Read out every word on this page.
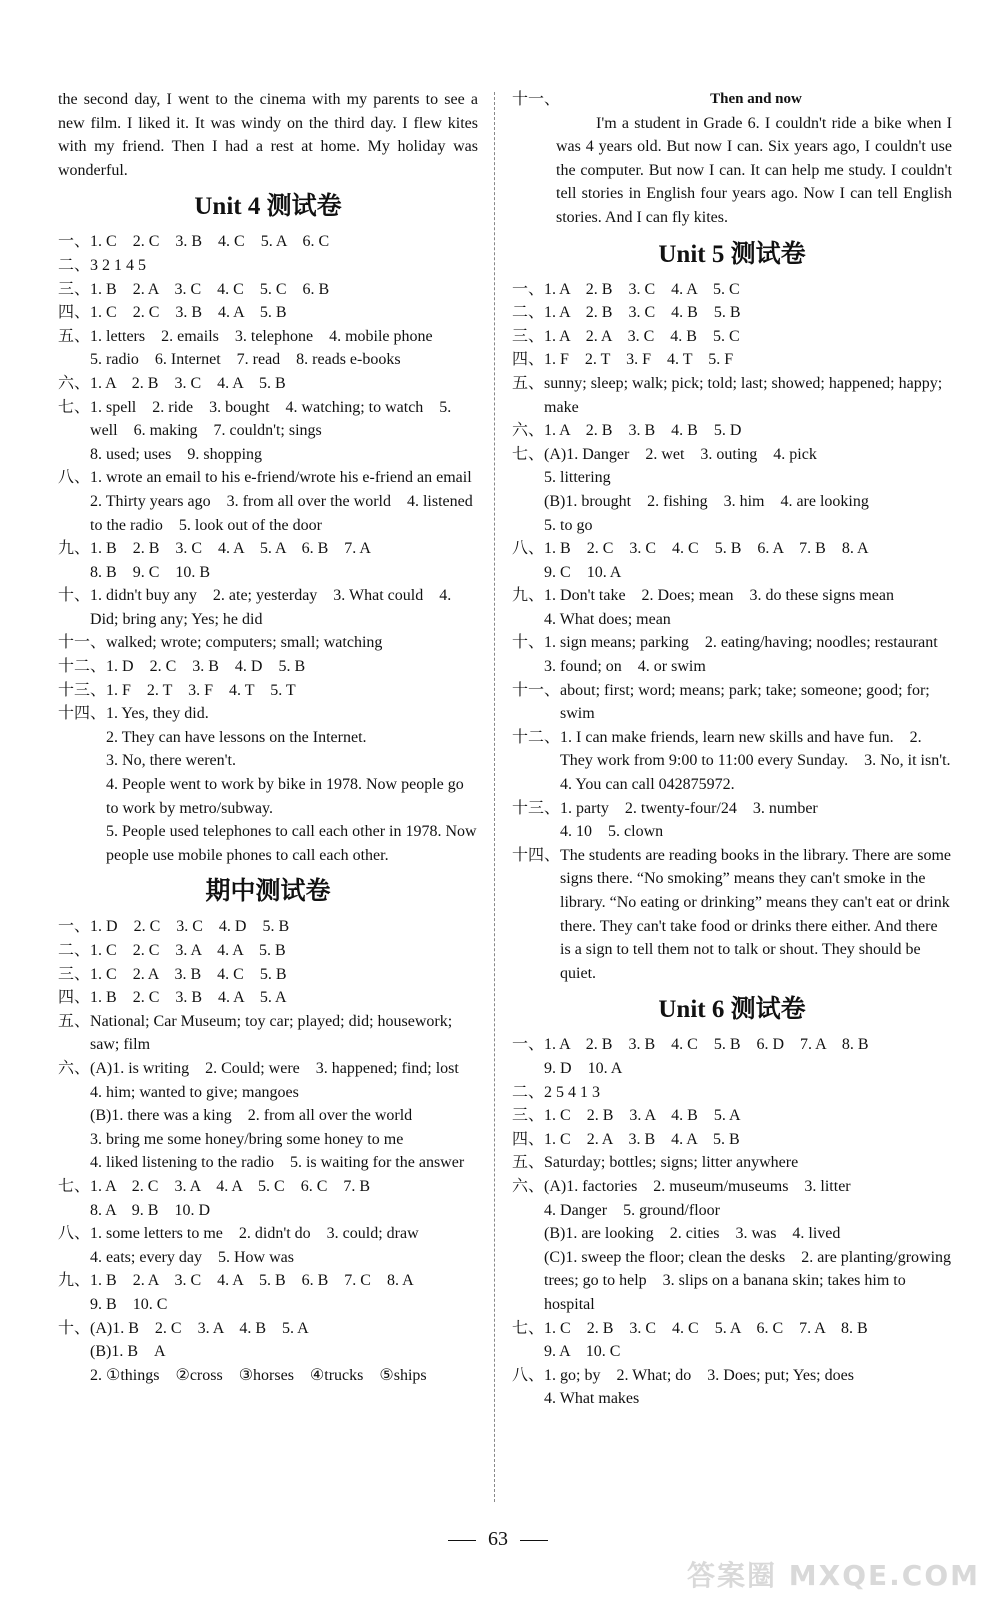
the second day, I went to the cinema with my parents to see a new film. I liked it. It was windy on the third day. I flew kites with my friend. Then I had a rest at home. My holiday was wonderful.
Unit 4 测试卷
一、 1. C　2. C　3. B　4. C　5. A　6. C
二、 3 2 1 4 5
三、 1. B　2. A　3. C　4. C　5. C　6. B
四、 1. C　2. C　3. B　4. A　5. B
五、 1. letters　2. emails　3. telephone　4. mobile phone
5. radio　6. Internet　7. read　8. reads e-books
六、 1. A　2. B　3. C　4. A　5. B
七、 1. spell　2. ride　3. bought　4. watching; to watch　5. well　6. making　7. couldn't; sings
8. used; uses　9. shopping
八、 1. wrote an email to his e-friend/wrote his e-friend an email　2. Thirty years ago　3. from all over the world　4. listened to the radio　5. look out of the door
九、 1. B　2. B　3. C　4. A　5. A　6. B　7. A
8. B　9. C　10. B
十、 1. didn't buy any　2. ate; yesterday　3. What could　4. Did; bring any; Yes; he did
十一、 walked; wrote; computers; small; watching
十二、 1. D　2. C　3. B　4. D　5. B
十三、 1. F　2. T　3. F　4. T　5. T
十四、 1. Yes, they did.
2. They can have lessons on the Internet.
3. No, there weren't.
4. People went to work by bike in 1978. Now people go to work by metro/subway.
5. People used telephones to call each other in 1978. Now people use mobile phones to call each other.
期中测试卷
一、 1. D　2. C　3. C　4. D　5. B
二、 1. C　2. C　3. A　4. A　5. B
三、 1. C　2. A　3. B　4. C　5. B
四、 1. B　2. C　3. B　4. A　5. A
五、 National; Car Museum; toy car; played; did; housework; saw; film
六、 (A)1. is writing　2. Could; were　3. happened; find; lost　4. him; wanted to give; mangoes
(B)1. there was a king　2. from all over the world
3. bring me some honey/bring some honey to me
4. liked listening to the radio　5. is waiting for the answer
七、 1. A　2. C　3. A　4. A　5. C　6. C　7. B
8. A　9. B　10. D
八、 1. some letters to me　2. didn't do　3. could; draw
4. eats; every day　5. How was
九、 1. B　2. A　3. C　4. A　5. B　6. B　7. C　8. A
9. B　10. C
十、 (A)1. B　2. C　3. A　4. B　5. A
(B)1. B　A
2. ①things　②cross　③horses　④trucks　⑤ships
十一、	Then and now
I'm a student in Grade 6. I couldn't ride a bike when I was 4 years old. But now I can. Six years ago, I couldn't use the computer. But now I can. It can help me study. I couldn't tell stories in English four years ago. Now I can tell English stories. And I can fly kites.
Unit 5 测试卷
一、 1. A　2. B　3. C　4. A　5. C
二、 1. A　2. B　3. C　4. B　5. B
三、 1. A　2. A　3. C　4. B　5. C
四、 1. F　2. T　3. F　4. T　5. F
五、 sunny; sleep; walk; pick; told; last; showed; happened; happy; make
六、 1. A　2. B　3. B　4. B　5. D
七、 (A)1. Danger　2. wet　3. outing　4. pick
5. littering
(B)1. brought　2. fishing　3. him　4. are looking
5. to go
八、 1. B　2. C　3. C　4. C　5. B　6. A　7. B　8. A
9. C　10. A
九、 1. Don't take　2. Does; mean　3. do these signs mean
4. What does; mean
十、 1. sign means; parking　2. eating/having; noodles; restaurant　3. found; on　4. or swim
十一、 about; first; word; means; park; take; someone; good; for; swim
十二、 1. I can make friends, learn new skills and have fun.　2. They work from 9:00 to 11:00 every Sunday.　3. No, it isn't.　4. You can call 042875972.
十三、 1. party　2. twenty-four/24　3. number
4. 10　5. clown
十四、 The students are reading books in the library. There are some signs there. “No smoking” means they can't smoke in the library. “No eating or drinking” means they can't eat or drink there. They can't take food or drinks there either. And there is a sign to tell them not to talk or shout. They should be quiet.
Unit 6 测试卷
一、 1. A　2. B　3. B　4. C　5. B　6. D　7. A　8. B
9. D　10. A
二、 2 5 4 1 3
三、 1. C　2. B　3. A　4. B　5. A
四、 1. C　2. A　3. B　4. A　5. B
五、 Saturday; bottles; signs; litter anywhere
六、 (A)1. factories　2. museum/museums　3. litter
4. Danger　5. ground/floor
(B)1. are looking　2. cities　3. was　4. lived
(C)1. sweep the floor; clean the desks　2. are planting/growing trees; go to help　3. slips on a banana skin; takes him to hospital
七、 1. C　2. B　3. C　4. C　5. A　6. C　7. A　8. B
9. A　10. C
八、 1. go; by　2. What; do　3. Does; put; Yes; does
4. What makes
63
答案圈 MXQE.COM
